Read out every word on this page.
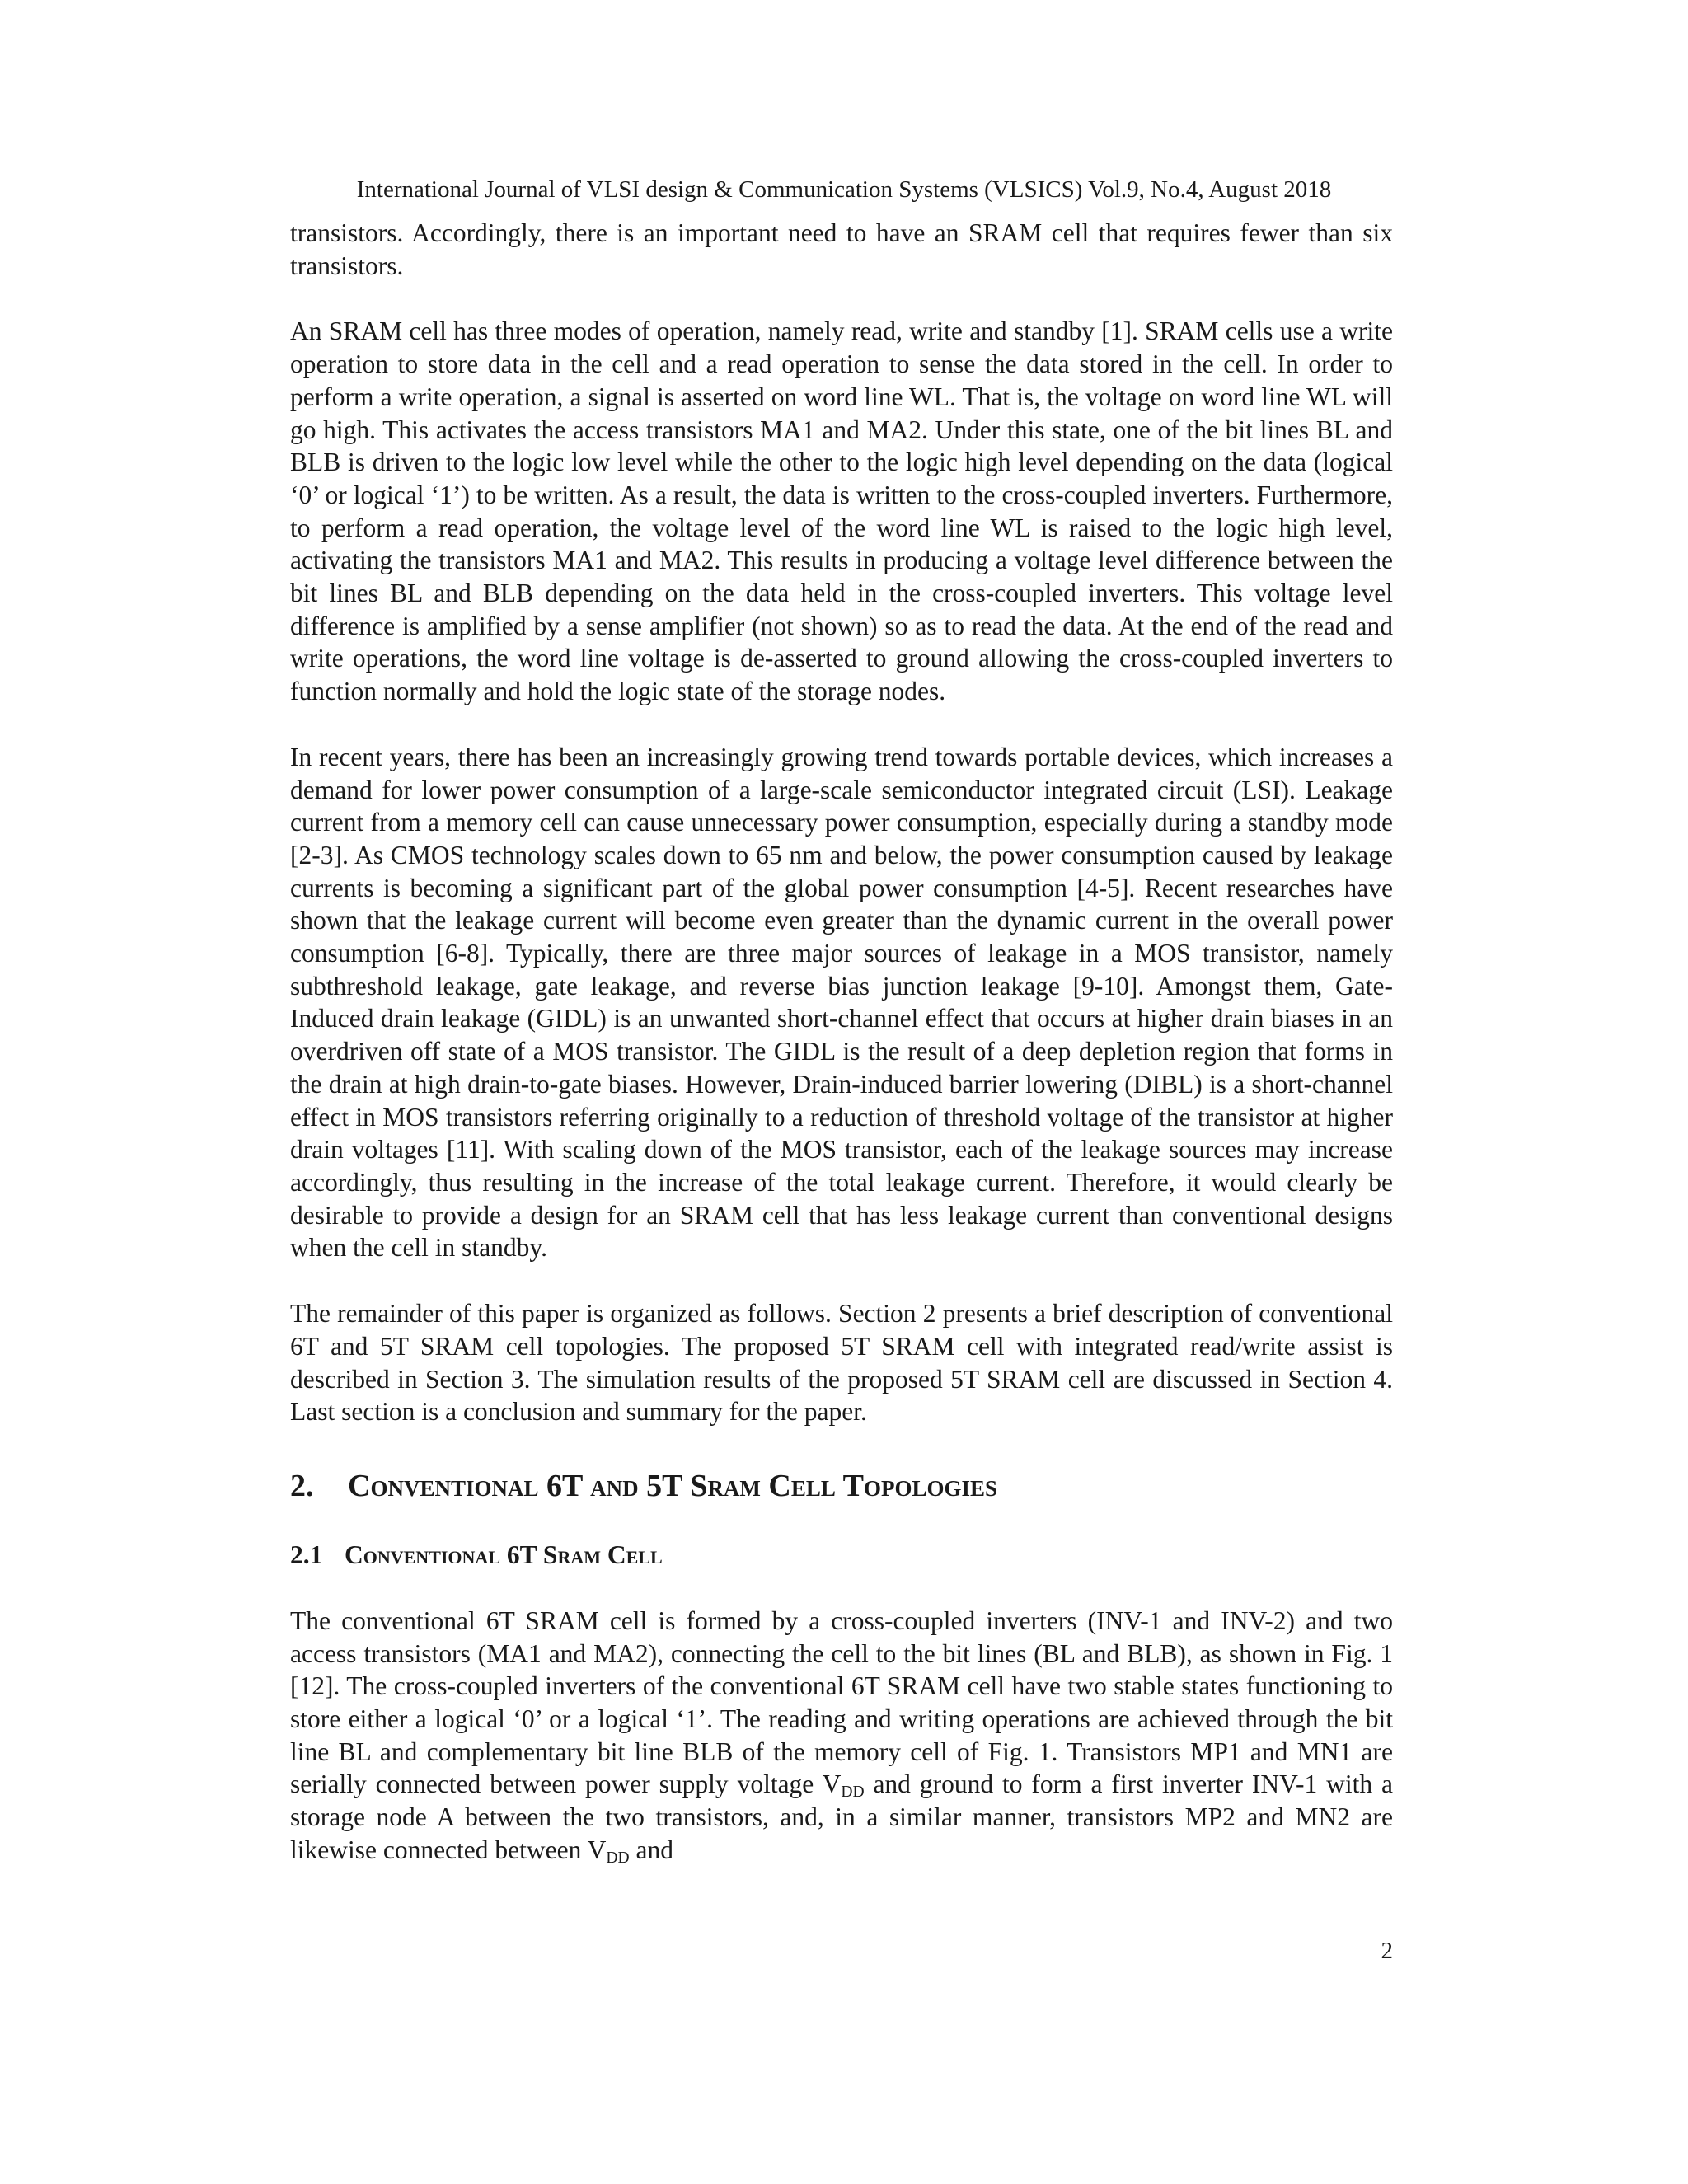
International Journal of VLSI design & Communication Systems (VLSICS) Vol.9, No.4, August 2018

transistors. Accordingly, there is an important need to have an SRAM cell that requires fewer than six transistors.

An SRAM cell has three modes of operation, namely read, write and standby [1]. SRAM cells use a write operation to store data in the cell and a read operation to sense the data stored in the cell. In order to perform a write operation, a signal is asserted on word line WL. That is, the voltage on word line WL will go high. This activates the access transistors MA1 and MA2. Under this state, one of the bit lines BL and BLB is driven to the logic low level while the other to the logic high level depending on the data (logical ‘0’ or logical ‘1’) to be written. As a result, the data is written to the cross-coupled inverters. Furthermore, to perform a read operation, the voltage level of the word line WL is raised to the logic high level, activating the transistors MA1 and MA2. This results in producing a voltage level difference between the bit lines BL and BLB depending on the data held in the cross-coupled inverters. This voltage level difference is amplified by a sense amplifier (not shown) so as to read the data. At the end of the read and write operations, the word line voltage is de-asserted to ground allowing the cross-coupled inverters to function normally and hold the logic state of the storage nodes.

In recent years, there has been an increasingly growing trend towards portable devices, which increases a demand for lower power consumption of a large-scale semiconductor integrated circuit (LSI). Leakage current from a memory cell can cause unnecessary power consumption, especially during a standby mode [2-3]. As CMOS technology scales down to 65 nm and below, the power consumption caused by leakage currents is becoming a significant part of the global power consumption [4-5]. Recent researches have shown that the leakage current will become even greater than the dynamic current in the overall power consumption [6-8]. Typically, there are three major sources of leakage in a MOS transistor, namely subthreshold leakage, gate leakage, and reverse bias junction leakage [9-10]. Amongst them, Gate-Induced drain leakage (GIDL) is an unwanted short-channel effect that occurs at higher drain biases in an overdriven off state of a MOS transistor. The GIDL is the result of a deep depletion region that forms in the drain at high drain-to-gate biases. However, Drain-induced barrier lowering (DIBL) is a short-channel effect in MOS transistors referring originally to a reduction of threshold voltage of the transistor at higher drain voltages [11]. With scaling down of the MOS transistor, each of the leakage sources may increase accordingly, thus resulting in the increase of the total leakage current. Therefore, it would clearly be desirable to provide a design for an SRAM cell that has less leakage current than conventional designs when the cell in standby.

The remainder of this paper is organized as follows. Section 2 presents a brief description of conventional 6T and 5T SRAM cell topologies. The proposed 5T SRAM cell with integrated read/write assist is described in Section 3. The simulation results of the proposed 5T SRAM cell are discussed in Section 4. Last section is a conclusion and summary for the paper.

2. Conventional 6T and 5T Sram Cell Topologies
2.1 Conventional 6T Sram Cell

The conventional 6T SRAM cell is formed by a cross-coupled inverters (INV-1 and INV-2) and two access transistors (MA1 and MA2), connecting the cell to the bit lines (BL and BLB), as shown in Fig. 1 [12]. The cross-coupled inverters of the conventional 6T SRAM cell have two stable states functioning to store either a logical ‘0’ or a logical ‘1’. The reading and writing operations are achieved through the bit line BL and complementary bit line BLB of the memory cell of Fig. 1. Transistors MP1 and MN1 are serially connected between power supply voltage $V_{DD}$ and ground to form a first inverter INV-1 with a storage node A between the two transistors, and, in a similar manner, transistors MP2 and MN2 are likewise connected between $V_{DD}$ and

2
